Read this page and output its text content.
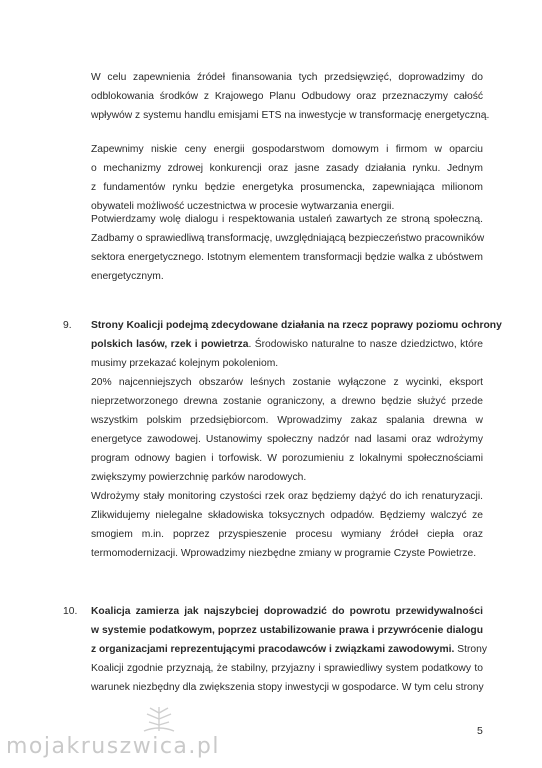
W celu zapewnienia źródeł finansowania tych przedsięwzięć, doprowadzimy do
odblokowania środków z Krajowego Planu Odbudowy oraz przeznaczymy całość
wpływów z systemu handlu emisjami ETS na inwestycje w transformację energetyczną.
Zapewnimy niskie ceny energii gospodarstwom domowym i firmom w oparciu
o mechanizmy zdrowej konkurencji oraz jasne zasady działania rynku. Jednym
z fundamentów rynku będzie energetyka prosumencka, zapewniająca milionom
obywateli możliwość uczestnictwa w procesie wytwarzania energii.
Potwierdzamy wolę dialogu i respektowania ustaleń zawartych ze stroną społeczną.
Zadbamy o sprawiedliwą transformację, uwzględniającą bezpieczeństwo pracowników
sektora energetycznego. Istotnym elementem transformacji będzie walka z ubóstwem
energetycznym.
9. Strony Koalicji podejmą zdecydowane działania na rzecz poprawy poziomu ochrony
polskich lasów, rzek i powietrza. Środowisko naturalne to nasze dziedzictwo, które
musimy przekazać kolejnym pokoleniom.
20% najcenniejszych obszarów leśnych zostanie wyłączone z wycinki, eksport
nieprzetworzonego drewna zostanie ograniczony, a drewno będzie służyć przede
wszystkim polskim przedsiębiorcom. Wprowadzimy zakaz spalania drewna w
energetyce zawodowej. Ustanowimy społeczny nadzór nad lasami oraz wdrożymy
program odnowy bagien i torfowisk. W porozumieniu z lokalnymi społecznościami
zwiększymy powierzchnię parków narodowych.
Wdrożymy stały monitoring czystości rzek oraz będziemy dążyć do ich renaturyzacji.
Zlikwidujemy nielegalne składowiska toksycznych odpadów. Będziemy walczyć ze
smogiem m.in. poprzez przyspieszenie procesu wymiany źródeł ciepła oraz
termomodernizacji. Wprowadzimy niezbędne zmiany w programie Czyste Powietrze.
10. Koalicja zamierza jak najszybciej doprowadzić do powrotu przewidywalności
w systemie podatkowym, poprzez ustabilizowanie prawa i przywrócenie dialogu
z organizacjami reprezentującymi pracodawców i związkami zawodowymi. Strony
Koalicji zgodnie przyznają, że stabilny, przyjazny i sprawiedliwy system podatkowy to
warunek niezbędny dla zwiększenia stopy inwestycji w gospodarce. W tym celu strony
mojakruszwica.pl
5
